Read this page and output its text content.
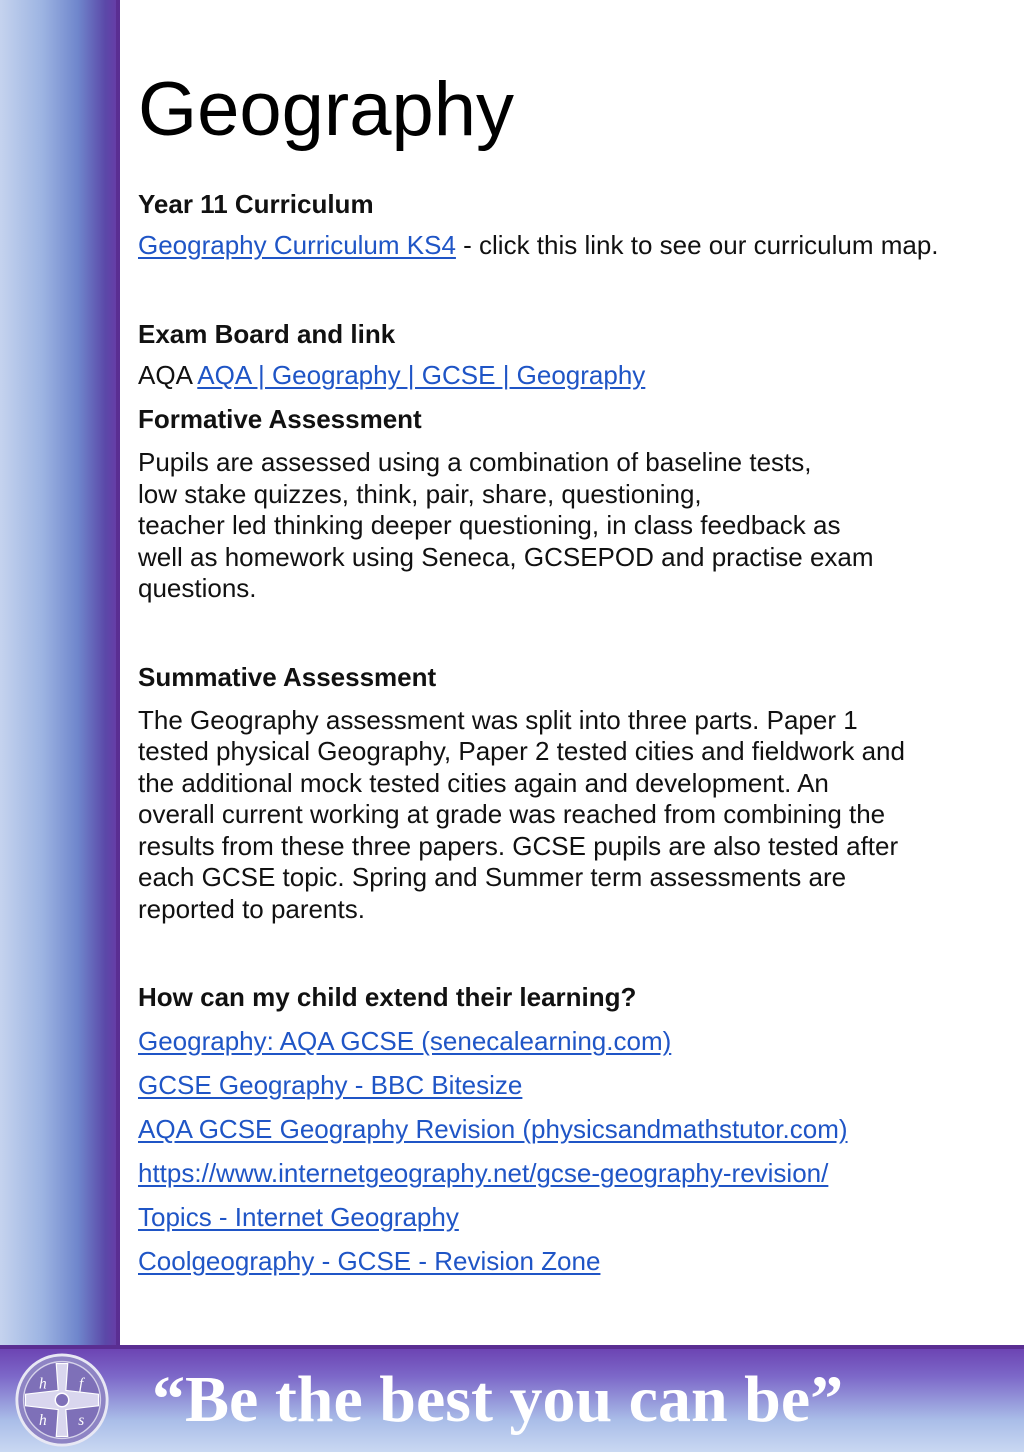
Geography

Year 11 Curriculum

Geography Curriculum KS4 - click this link to see our curriculum map.

Exam Board and link

AQA AQA | Geography | GCSE | Geography

Formative Assessment

Pupils are assessed using a combination of baseline tests,

low stake quizzes, think, pair, share, questioning,

teacher led thinking deeper questioning, in class feedback as

well as homework using Seneca, GCSEPOD and practise exam

questions.

Summative Assessment

The Geography assessment was split into three parts. Paper 1

tested physical Geography, Paper 2 tested cities and fieldwork and

the additional mock tested cities again and development. An

overall current working at grade was reached from combining the

results from these three papers. GCSE pupils are also tested after

each GCSE topic. Spring and Summer term assessments are

reported to parents.

How can my child extend their learning?

Geography: AQA GCSE (senecalearning.com)
GCSE Geography - BBC Bitesize
AQA GCSE Geography Revision (physicsandmathstutor.com)
https://www.internetgeography.net/gcse-geography-revision/
Topics - Internet Geography
Coolgeography - GCSE - Revision Zone
h f
h s “Be the best you can be”
